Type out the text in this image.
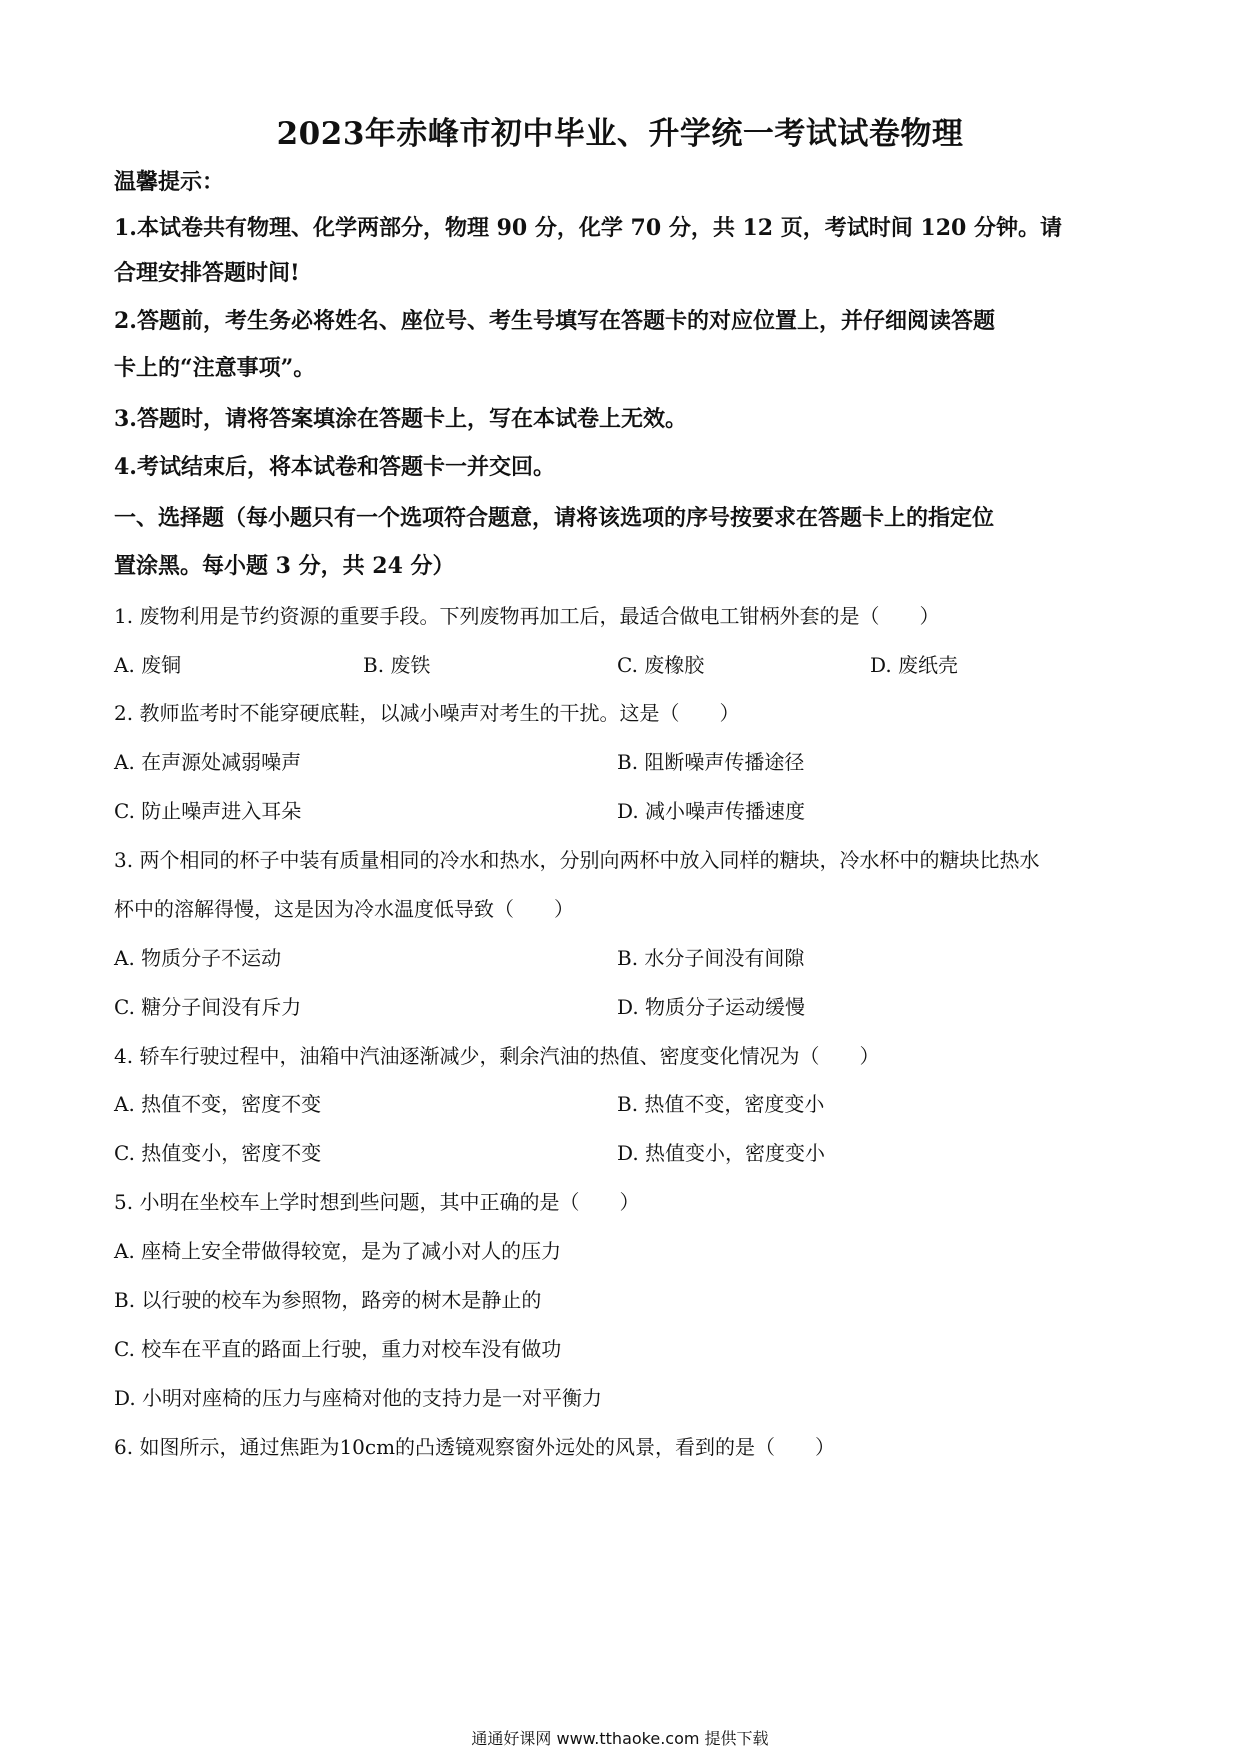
2023年赤峰市初中毕业、升学统一考试试卷物理
温馨提示：
1.本试卷共有物理、化学两部分，物理 90 分，化学 70 分，共 12 页，考试时间 120 分钟。请
合理安排答题时间!
2.答题前，考生务必将姓名、座位号、考生号填写在答题卡的对应位置上，并仔细阅读答题
卡上的“注意事项”。
3.答题时，请将答案填涂在答题卡上，写在本试卷上无效。
4.考试结束后，将本试卷和答题卡一并交回。
一、选择题（每小题只有一个选项符合题意，请将该选项的序号按要求在答题卡上的指定位
置涂黑。每小题 3 分，共 24 分）
1. 废物利用是节约资源的重要手段。下列废物再加工后，最适合做电工钳柄外套的是（　　）
A. 废铜	B. 废铁	C. 废橡胶	D. 废纸壳
2. 教师监考时不能穿硬底鞋，以减小噪声对考生的干扰。这是（　　）
A. 在声源处减弱噪声	B. 阻断噪声传播途径
C. 防止噪声进入耳朵	D. 减小噪声传播速度
3. 两个相同的杯子中装有质量相同的冷水和热水，分别向两杯中放入同样的糖块，冷水杯中的糖块比热水
杯中的溶解得慢，这是因为冷水温度低导致（　　）
A. 物质分子不运动	B. 水分子间没有间隙
C. 糖分子间没有斥力	D. 物质分子运动缓慢
4. 轿车行驶过程中，油箱中汽油逐渐减少，剩余汽油的热值、密度变化情况为（　　）
A. 热值不变，密度不变	B. 热值不变，密度变小
C. 热值变小，密度不变	D. 热值变小，密度变小
5. 小明在坐校车上学时想到些问题，其中正确的是（　　）
A. 座椅上安全带做得较宽，是为了减小对人的压力
B. 以行驶的校车为参照物，路旁的树木是静止的
C. 校车在平直的路面上行驶，重力对校车没有做功
D. 小明对座椅的压力与座椅对他的支持力是一对平衡力
6. 如图所示，通过焦距为10cm的凸透镜观察窗外远处的风景，看到的是（　　）
通通好课网 www.tthaoke.com 提供下载
